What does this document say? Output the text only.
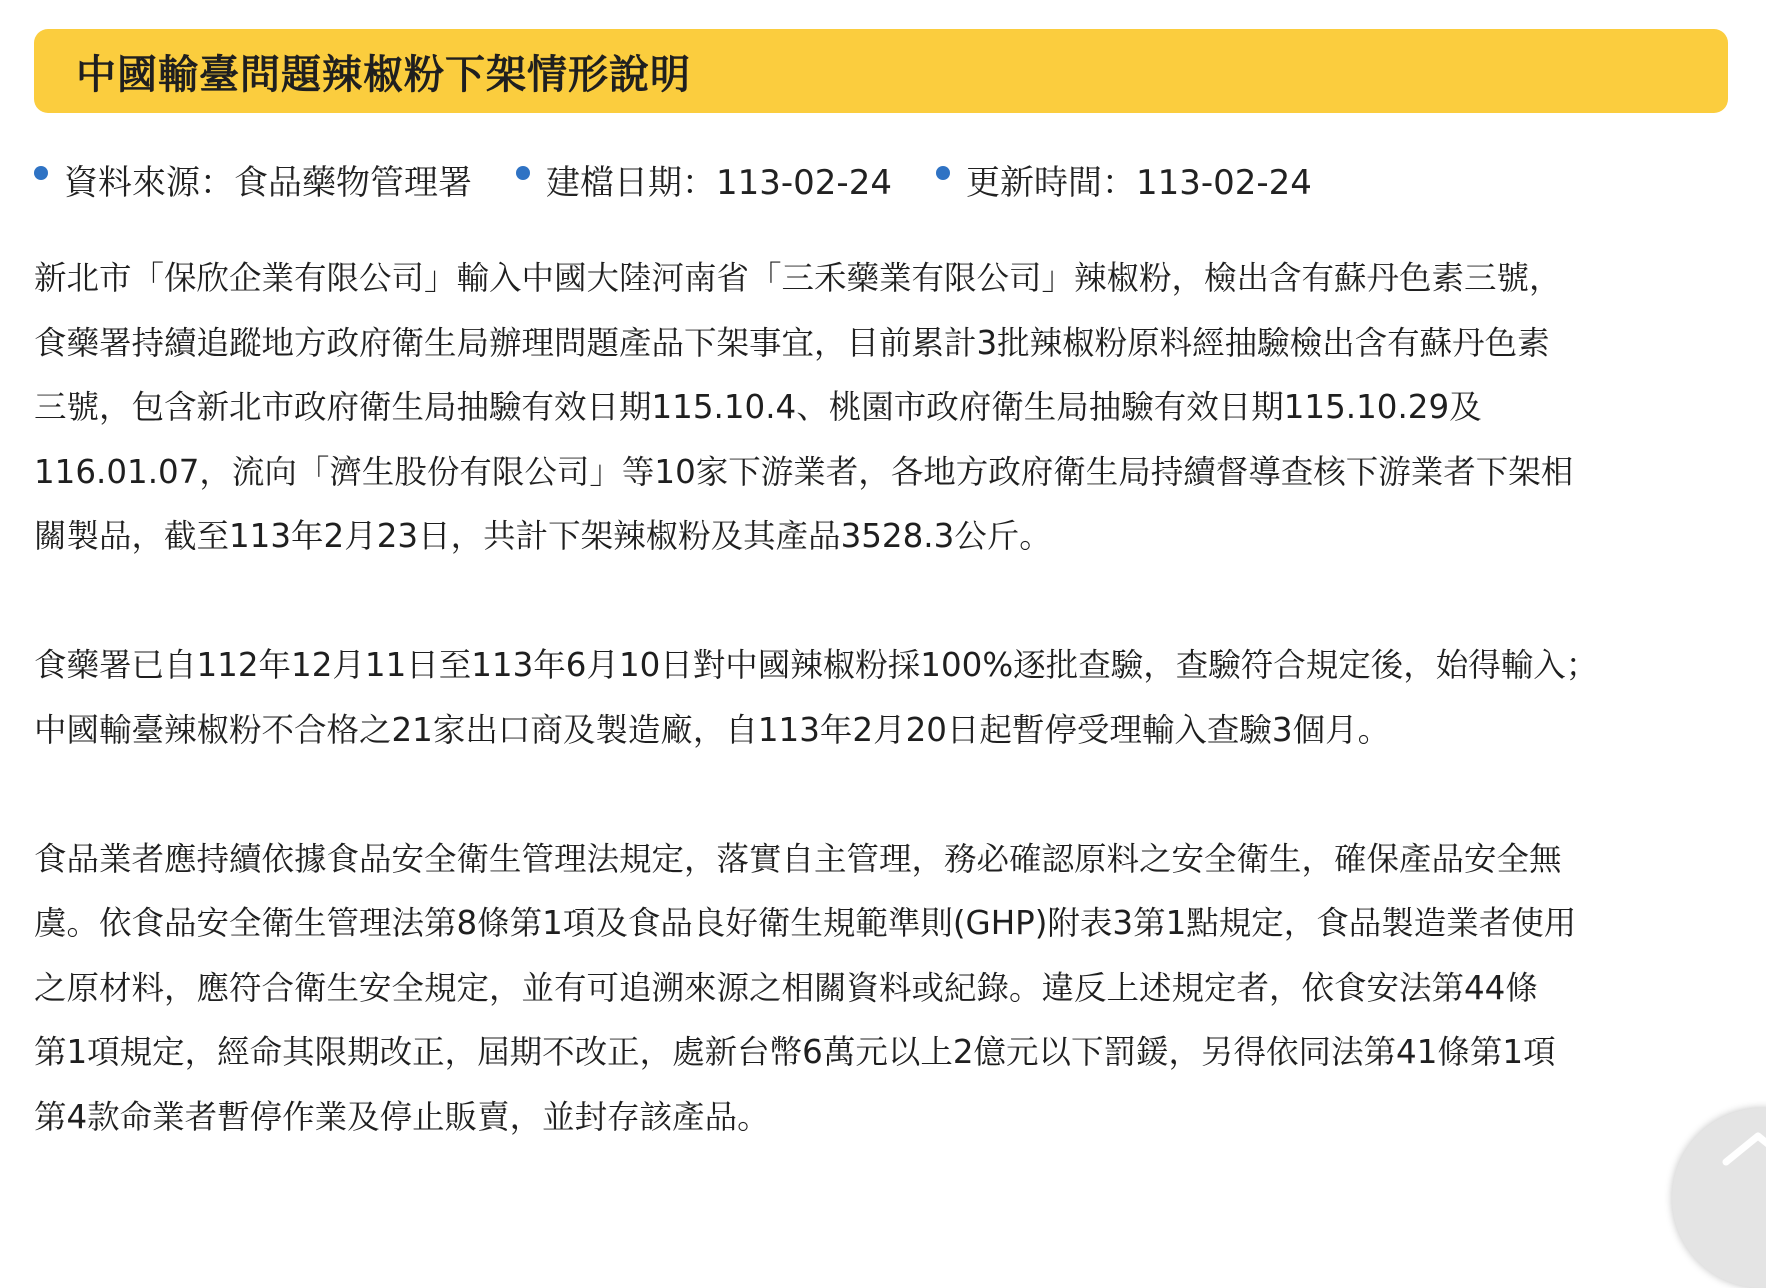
中國輸臺問題辣椒粉下架情形說明
資料來源：食品藥物管理署 建檔日期：113-02-24 更新時間：113-02-24

新北市「保欣企業有限公司」輸入中國大陸河南省「三禾藥業有限公司」辣椒粉，檢出含有蘇丹色素三號，
食藥署持續追蹤地方政府衛生局辦理問題產品下架事宜，目前累計3批辣椒粉原料經抽驗檢出含有蘇丹色素
三號，包含新北市政府衛生局抽驗有效日期115.10.4、桃園市政府衛生局抽驗有效日期115.10.29及
116.01.07，流向「濟生股份有限公司」等10家下游業者，各地方政府衛生局持續督導查核下游業者下架相
關製品，截至113年2月23日，共計下架辣椒粉及其產品3528.3公斤。

食藥署已自112年12月11日至113年6月10日對中國辣椒粉採100%逐批查驗，查驗符合規定後，始得輸入；
中國輸臺辣椒粉不合格之21家出口商及製造廠，自113年2月20日起暫停受理輸入查驗3個月。

食品業者應持續依據食品安全衛生管理法規定，落實自主管理，務必確認原料之安全衛生，確保產品安全無
虞。依食品安全衛生管理法第8條第1項及食品良好衛生規範準則(GHP)附表3第1點規定，食品製造業者使用
之原材料，應符合衛生安全規定，並有可追溯來源之相關資料或紀錄。違反上述規定者，依食安法第44條
第1項規定，經命其限期改正，屆期不改正，處新台幣6萬元以上2億元以下罰鍰，另得依同法第41條第1項
第4款命業者暫停作業及停止販賣，並封存該產品。
